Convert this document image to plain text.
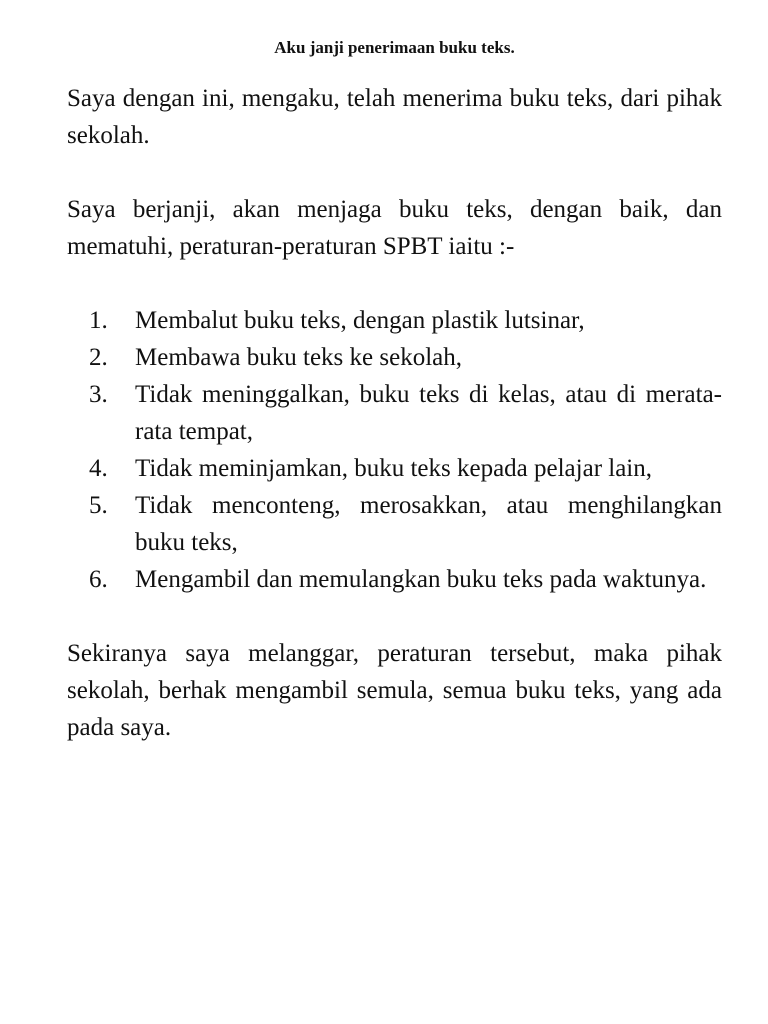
Aku janji penerimaan buku teks.

Saya dengan ini, mengaku, telah menerima buku teks, dari pihak sekolah.

Saya berjanji, akan menjaga buku teks, dengan baik, dan mematuhi, peraturan-peraturan SPBT iaitu :-

1.	Membalut buku teks, dengan plastik lutsinar,
2.	Membawa buku teks ke sekolah,
3.	Tidak meninggalkan, buku teks di kelas, atau di merata-rata tempat,
4.	Tidak meminjamkan, buku teks kepada pelajar lain,
5.	Tidak menconteng, merosakkan, atau menghilangkan buku teks,
6.	Mengambil dan memulangkan buku teks pada waktunya.

Sekiranya saya melanggar, peraturan tersebut, maka pihak sekolah, berhak mengambil semula, semua buku teks, yang ada pada saya.
